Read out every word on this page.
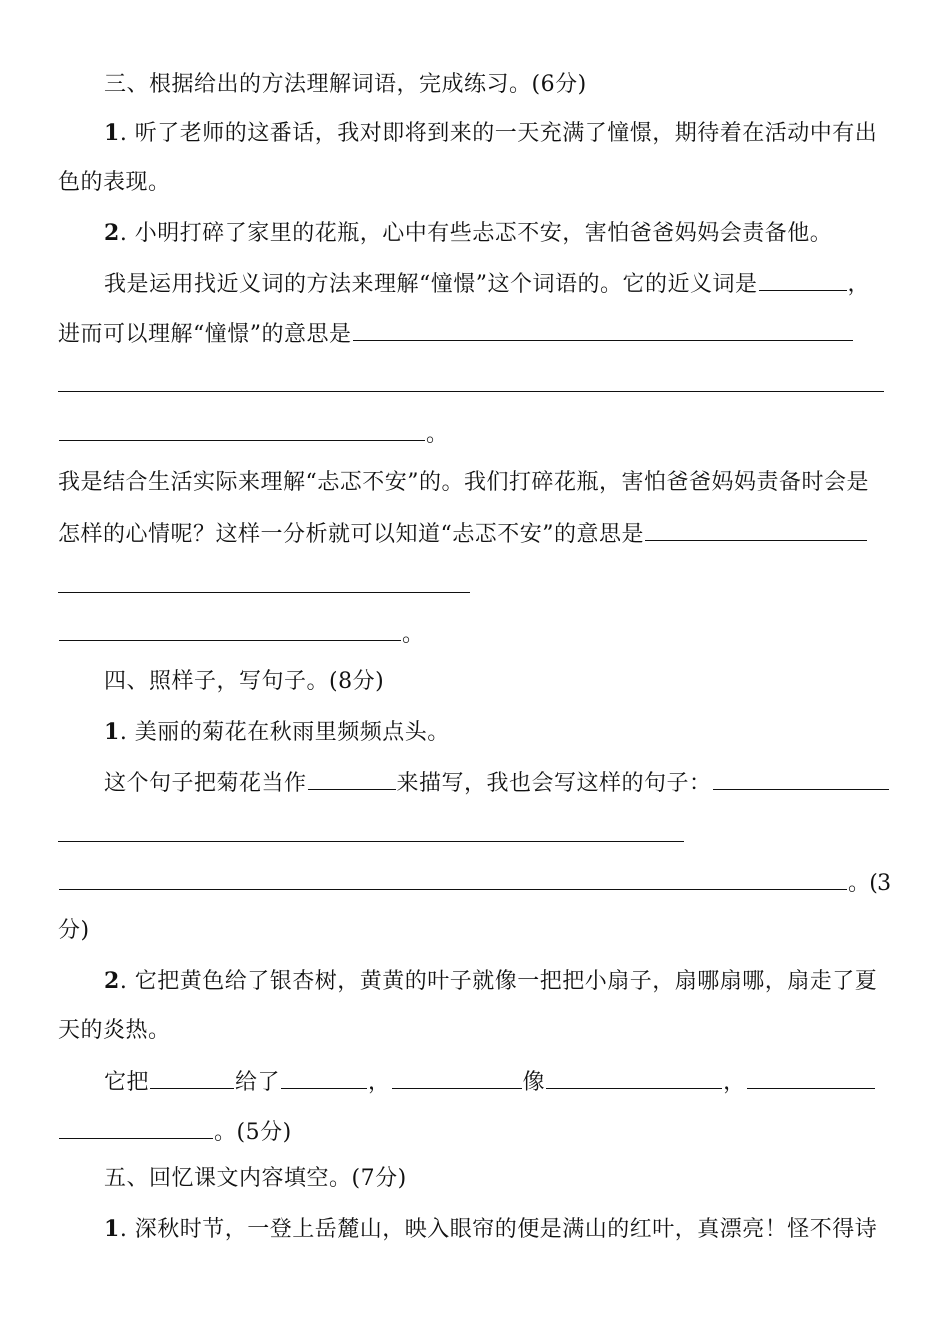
三、根据给出的方法理解词语，完成练习。(6分)
1. 听了老师的这番话，我对即将到来的一天充满了憧憬，期待着在活动中有出
色的表现。
2. 小明打碎了家里的花瓶，心中有些忐忑不安，害怕爸爸妈妈会责备他。
我是运用找近义词的方法来理解“憧憬”这个词语的。它的近义词是	，
进而可以理解“憧憬”的意思是
。
我是结合生活实际来理解“忐忑不安”的。我们打碎花瓶，害怕爸爸妈妈责备时会是
怎样的心情呢？这样一分析就可以知道“忐忑不安”的意思是
。
四、照样子，写句子。(8分)
1. 美丽的菊花在秋雨里频频点头。
这个句子把菊花当作	来描写，我也会写这样的句子：
。(3
分)
2. 它把黄色给了银杏树，黄黄的叶子就像一把把小扇子，扇哪扇哪，扇走了夏
天的炎热。
它把	给了	，	像	，
。(5分)
五、回忆课文内容填空。(7分)
1. 深秋时节，一登上岳麓山，映入眼帘的便是满山的红叶，真漂亮！怪不得诗
